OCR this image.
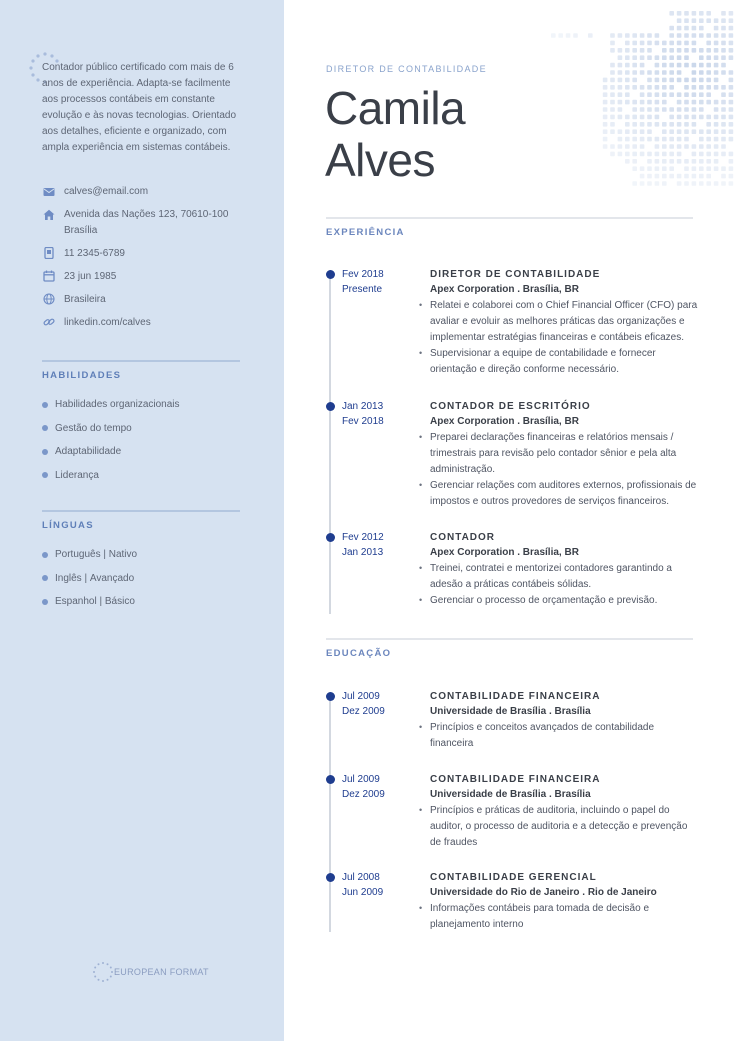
Contador público certificado com mais de 6 anos de experiência. Adapta-se facilmente aos processos contábeis em constante evolução e às novas tecnologias. Orientado aos detalhes, eficiente e organizado, com ampla experiência em sistemas contábeis.

calves@email.com
Avenida das Nações 123, 70610-100
Brasília
11 2345-6789
23 jun 1985
Brasileira
linkedin.com/calves
HABILIDADES
Habilidades organizacionais
Gestão do tempo
Adaptabilidade
Liderança
LÍNGUAS
Português | Nativo
Inglês | Avançado
Espanhol | Básico
EUROPEAN FORMAT
DIRETOR DE CONTABILIDADE
Camila
Alves
EXPERIÊNCIA
Fev 2018
Presente
DIRETOR DE CONTABILIDADE
Apex Corporation . Brasília, BR
• Relatei e colaborei com o Chief Financial Officer (CFO) para avaliar e evoluir as melhores práticas das organizações e implementar estratégias financeiras e contábeis eficazes.
• Supervisionar a equipe de contabilidade e fornecer orientação e direção conforme necessário.
Jan 2013
Fev 2018
CONTADOR DE ESCRITÓRIO
Apex Corporation . Brasília, BR
• Preparei declarações financeiras e relatórios mensais / trimestrais para revisão pelo contador sênior e pela alta administração.
• Gerenciar relações com auditores externos, profissionais de impostos e outros provedores de serviços financeiros.
Fev 2012
Jan 2013
CONTADOR
Apex Corporation . Brasília, BR
• Treinei, contratei e mentorizei contadores garantindo a adesão a práticas contábeis sólidas.
• Gerenciar o processo de orçamentação e previsão.
EDUCAÇÃO
Jul 2009
Dez 2009
CONTABILIDADE FINANCEIRA
Universidade de Brasília . Brasília
• Princípios e conceitos avançados de contabilidade financeira
Jul 2009
Dez 2009
CONTABILIDADE FINANCEIRA
Universidade de Brasília . Brasília
• Princípios e práticas de auditoria, incluindo o papel do auditor, o processo de auditoria e a detecção e prevenção de fraudes
Jul 2008
Jun 2009
CONTABILIDADE GERENCIAL
Universidade do Rio de Janeiro . Rio de Janeiro
• Informações contábeis para tomada de decisão e planejamento interno
